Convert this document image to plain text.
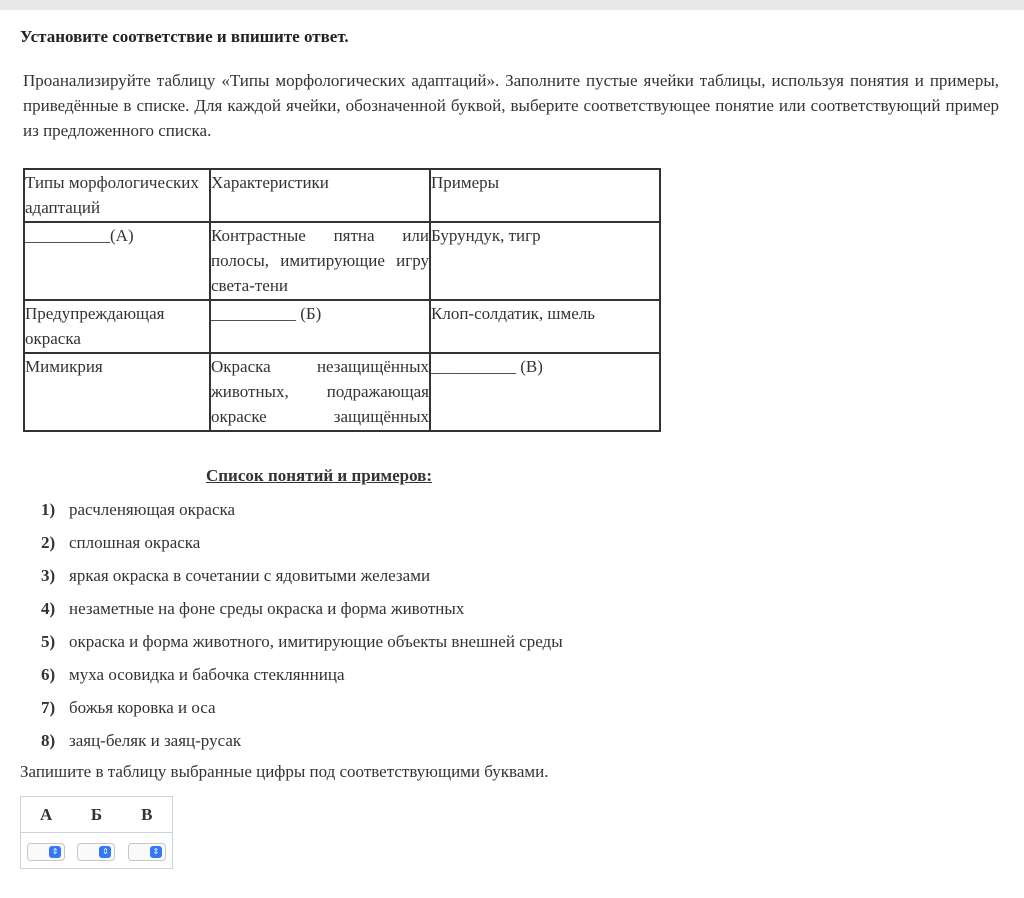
Установите соответствие и впишите ответ.
Проанализируйте таблицу «Типы морфологических адаптаций». Заполните пустые ячейки таблицы, используя понятия и примеры, приведённые в списке. Для каждой ячейки, обозначенной буквой, выберите соответствующее понятие или соответствующий пример из предложенного списка.
Типы морфологических адаптаций	Характеристики	Примеры
__________(А)	Контрастные пятна или полосы, имитирующие игру света-тени	Бурундук, тигр
Предупреждающая окраска	__________ (Б)	Клоп-солдатик, шмель
Мимикрия	Окраска незащищённых животных, подражающая окраске защищённых	__________ (В)
Список понятий и примеров:
1) расчленяющая окраска
2) сплошная окраска
3) яркая окраска в сочетании с ядовитыми железами
4) незаметные на фоне среды окраска и форма животных
5) окраска и форма животного, имитирующие объекты внешней среды
6) муха осовидка и бабочка стеклянница
7) божья коровка и оса
8) заяц-беляк и заяц-русак
Запишите в таблицу выбранные цифры под соответствующими буквами.
А	Б	В
⇕	⇕	⇕
